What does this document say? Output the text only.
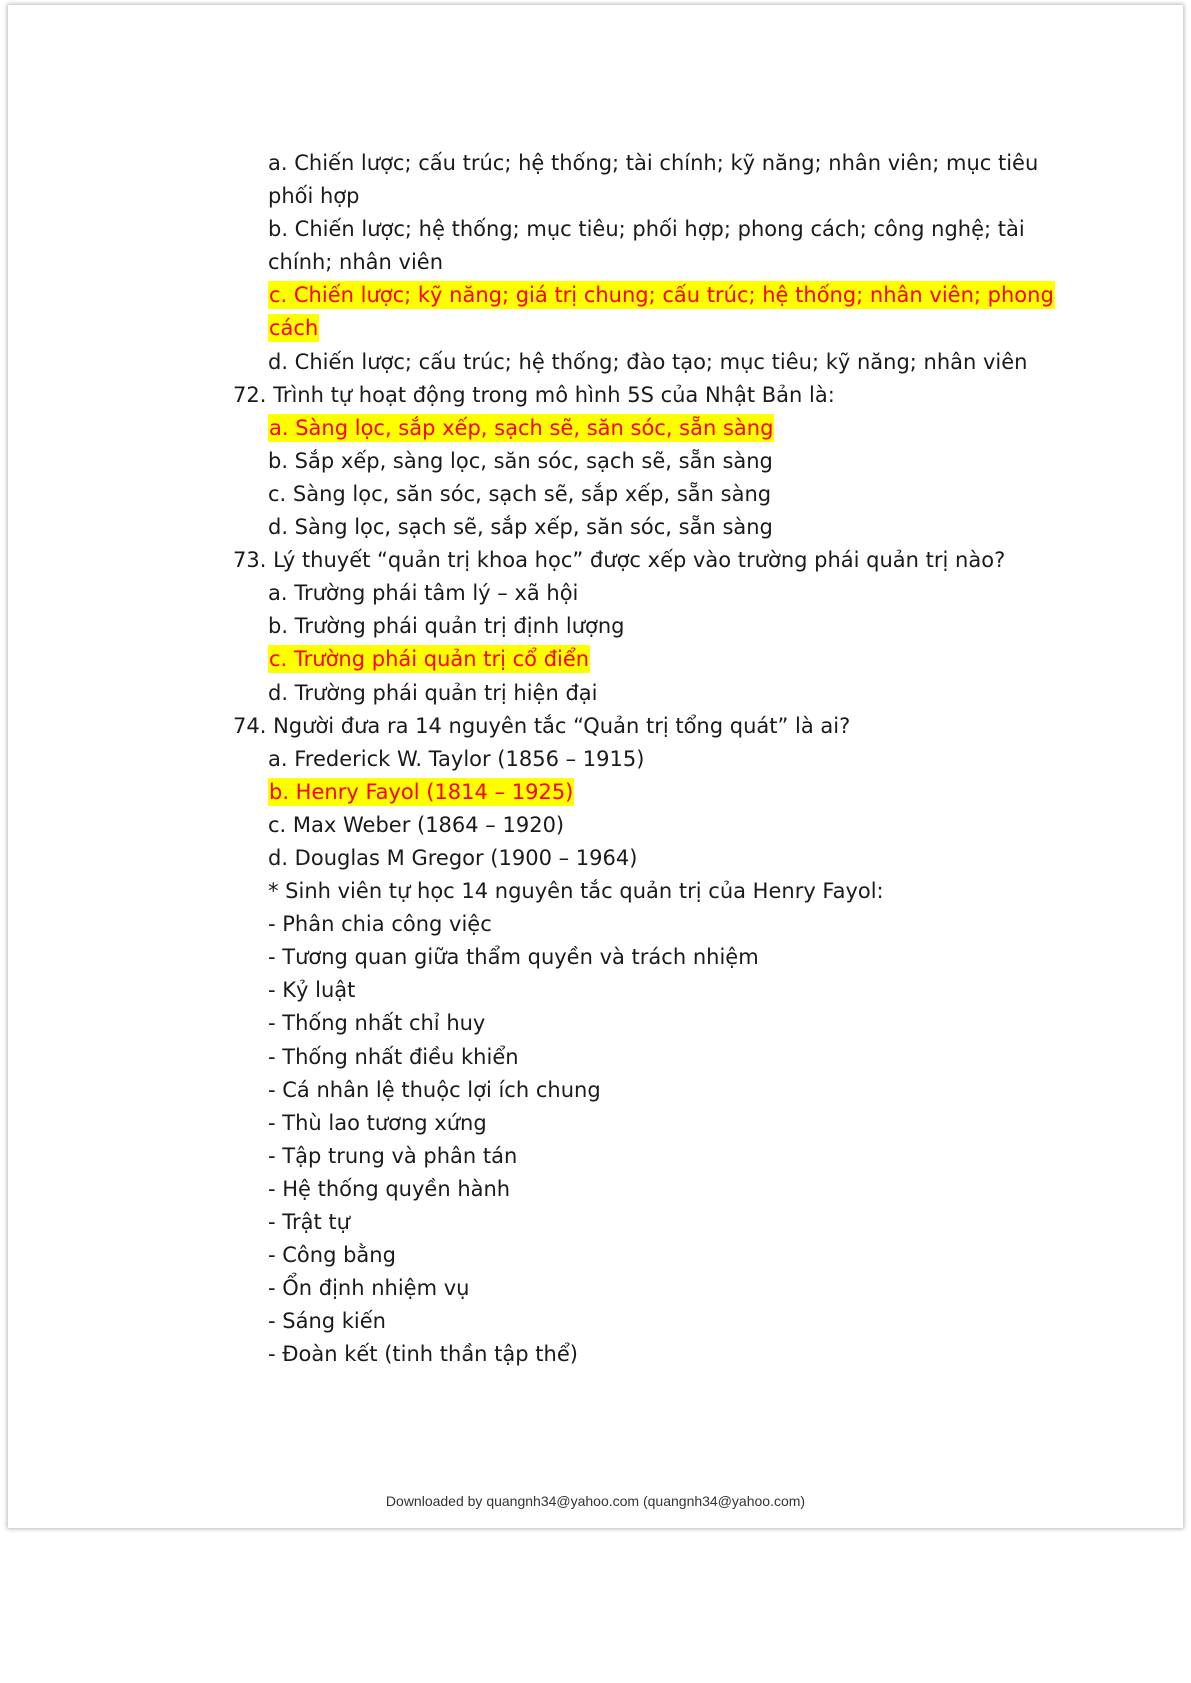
a. Chiến lược; cấu trúc; hệ thống; tài chính; kỹ năng; nhân viên; mục tiêu
phối hợp
b. Chiến lược; hệ thống; mục tiêu; phối hợp; phong cách; công nghệ; tài
chính; nhân viên
c. Chiến lược; kỹ năng; giá trị chung; cấu trúc; hệ thống; nhân viên; phong
cách
d. Chiến lược; cấu trúc; hệ thống; đào tạo; mục tiêu; kỹ năng; nhân viên
72. Trình tự hoạt động trong mô hình 5S của Nhật Bản là:
a. Sàng lọc, sắp xếp, sạch sẽ, săn sóc, sẵn sàng
b. Sắp xếp, sàng lọc, săn sóc, sạch sẽ, sẵn sàng
c. Sàng lọc, săn sóc, sạch sẽ, sắp xếp, sẵn sàng
d. Sàng lọc, sạch sẽ, sắp xếp, săn sóc, sẵn sàng
73. Lý thuyết “quản trị khoa học” được xếp vào trường phái quản trị nào?
a. Trường phái tâm lý – xã hội
b. Trường phái quản trị định lượng
c. Trường phái quản trị cổ điển
d. Trường phái quản trị hiện đại
74. Người đưa ra 14 nguyên tắc “Quản trị tổng quát” là ai?
a. Frederick W. Taylor (1856 – 1915)
b. Henry Fayol (1814 – 1925)
c. Max Weber (1864 – 1920)
d. Douglas M Gregor (1900 – 1964)
* Sinh viên tự học 14 nguyên tắc quản trị của Henry Fayol:
- Phân chia công việc
- Tương quan giữa thẩm quyền và trách nhiệm
- Kỷ luật
- Thống nhất chỉ huy
- Thống nhất điều khiển
- Cá nhân lệ thuộc lợi ích chung
- Thù lao tương xứng
- Tập trung và phân tán
- Hệ thống quyền hành
- Trật tự
- Công bằng
- Ổn định nhiệm vụ
- Sáng kiến
- Đoàn kết (tinh thần tập thể)
Downloaded by quangnh34@yahoo.com (quangnh34@yahoo.com)
